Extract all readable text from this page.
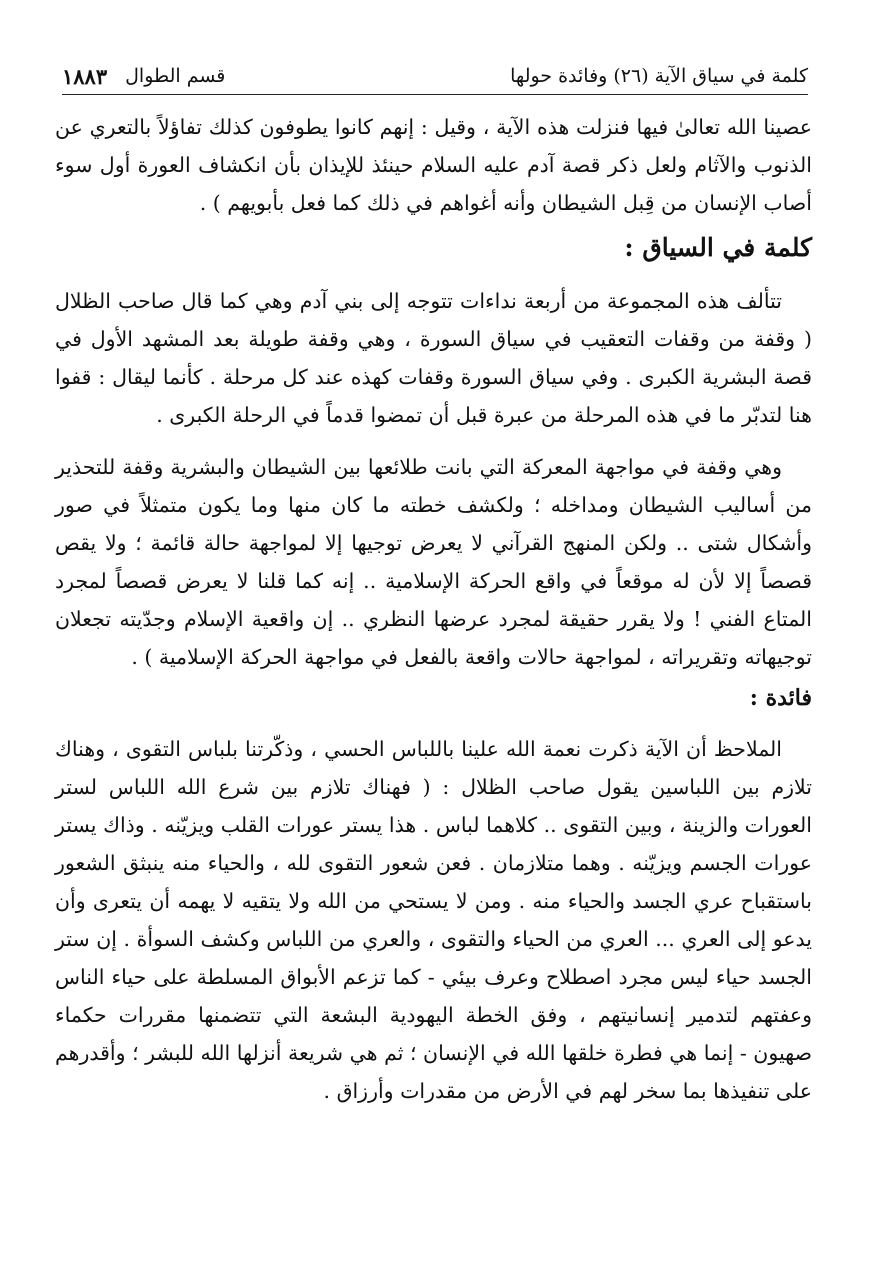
كلمة في سياق الآية (٢٦) وفائدة حولها
قسم الطوال
١٨٨٣

عصينا الله تعالىٰ فيها فنزلت هذه الآية ، وقيل : إنهم كانوا يطوفون كذلك تفاؤلاً بالتعري عن الذنوب والآثام ولعل ذكر قصة آدم عليه السلام حينئذ للإيذان بأن انكشاف العورة أول سوء أصاب الإنسان من قِبل الشيطان وأنه أغواهم في ذلك كما فعل بأبويهم ) .

كلمة في السياق :

تتألف هذه المجموعة من أربعة نداءات تتوجه إلى بني آدم وهي كما قال صاحب الظلال ( وقفة من وقفات التعقيب في سياق السورة ، وهي وقفة طويلة بعد المشهد الأول في قصة البشرية الكبرى . وفي سياق السورة وقفات كهذه عند كل مرحلة . كأنما ليقال : قفوا هنا لتدبّر ما في هذه المرحلة من عبرة قبل أن تمضوا قدماً في الرحلة الكبرى .

وهي وقفة في مواجهة المعركة التي بانت طلائعها بين الشيطان والبشرية وقفة للتحذير من أساليب الشيطان ومداخله ؛ ولكشف خطته ما كان منها وما يكون متمثلاً في صور وأشكال شتى .. ولكن المنهج القرآني لا يعرض توجيها إلا لمواجهة حالة قائمة ؛ ولا يقص قصصاً إلا لأن له موقعاً في واقع الحركة الإسلامية .. إنه كما قلنا لا يعرض قصصاً لمجرد المتاع الفني ! ولا يقرر حقيقة لمجرد عرضها النظري .. إن واقعية الإسلام وجدّيته تجعلان توجيهاته وتقريراته ، لمواجهة حالات واقعة بالفعل في مواجهة الحركة الإسلامية ) .

فائدة :

الملاحظ أن الآية ذكرت نعمة الله علينا باللباس الحسي ، وذكّرتنا بلباس التقوى ، وهناك تلازم بين اللباسين يقول صاحب الظلال : ( فهناك تلازم بين شرع الله اللباس لستر العورات والزينة ، وبين التقوى .. كلاهما لباس . هذا يستر عورات القلب ويزيّنه . وذاك يستر عورات الجسم ويزيّنه . وهما متلازمان . فعن شعور التقوى لله ، والحياء منه ينبثق الشعور باستقباح عري الجسد والحياء منه . ومن لا يستحي من الله ولا يتقيه لا يهمه أن يتعرى وأن يدعو إلى العري ... العري من الحياء والتقوى ، والعري من اللباس وكشف السوأة . إن ستر الجسد حياء ليس مجرد اصطلاح وعرف بيئي - كما تزعم الأبواق المسلطة على حياء الناس وعفتهم لتدمير إنسانيتهم ، وفق الخطة اليهودية البشعة التي تتضمنها مقررات حكماء صهيون - إنما هي فطرة خلقها الله في الإنسان ؛ ثم هي شريعة أنزلها الله للبشر ؛ وأقدرهم على تنفيذها بما سخر لهم في الأرض من مقدرات وأرزاق .
